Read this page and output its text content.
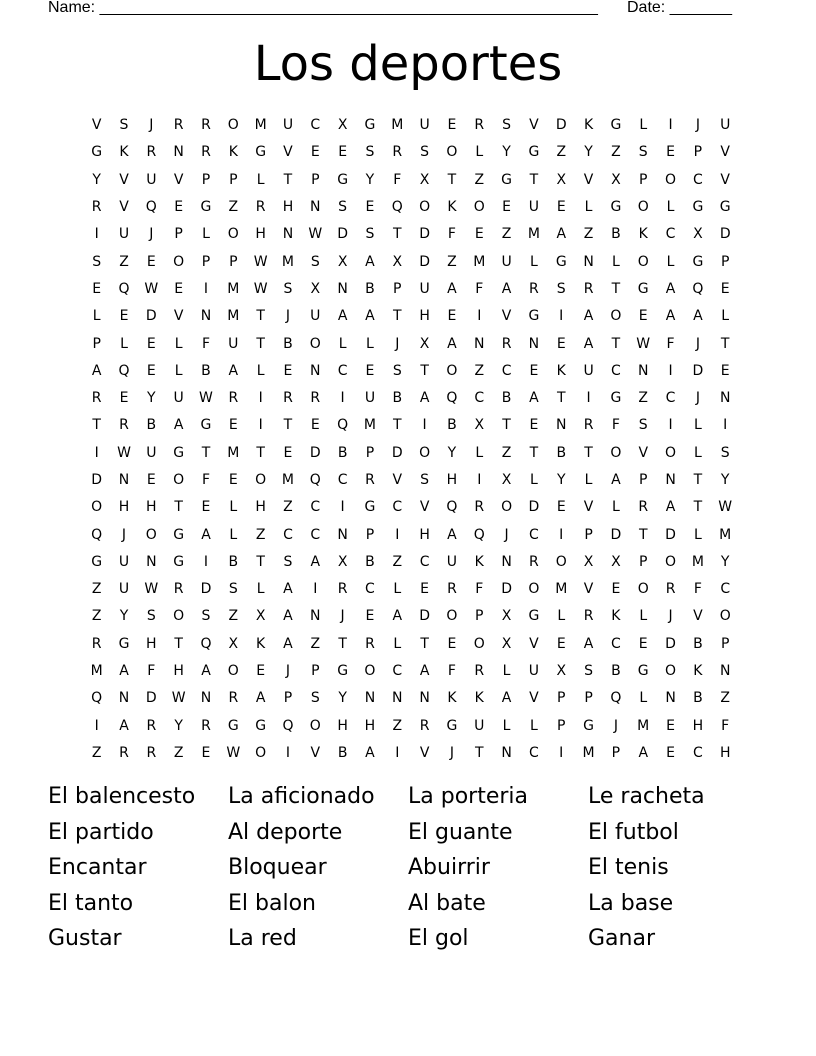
Name: ________________________________________________________ Date: _______
Los deportes
V	S	J	R	R	O	M	U	C	X	G	M	U	E	R	S	V	D	K	G	L	I	J	U
G	K	R	N	R	K	G	V	E	E	S	R	S	O	L	Y	G	Z	Y	Z	S	E	P	V
Y	V	U	V	P	P	L	T	P	G	Y	F	X	T	Z	G	T	X	V	X	P	O	C	V
R	V	Q	E	G	Z	R	H	N	S	E	Q	O	K	O	E	U	E	L	G	O	L	G	G
I	U	J	P	L	O	H	N	W	D	S	T	D	F	E	Z	M	A	Z	B	K	C	X	D
S	Z	E	O	P	P	W	M	S	X	A	X	D	Z	M	U	L	G	N	L	O	L	G	P
E	Q	W	E	I	M	W	S	X	N	B	P	U	A	F	A	R	S	R	T	G	A	Q	E
L	E	D	V	N	M	T	J	U	A	A	T	H	E	I	V	G	I	A	O	E	A	A	L
P	L	E	L	F	U	T	B	O	L	L	J	X	A	N	R	N	E	A	T	W	F	J	T
A	Q	E	L	B	A	L	E	N	C	E	S	T	O	Z	C	E	K	U	C	N	I	D	E
R	E	Y	U	W	R	I	R	R	I	U	B	A	Q	C	B	A	T	I	G	Z	C	J	N
T	R	B	A	G	E	I	T	E	Q	M	T	I	B	X	T	E	N	R	F	S	I	L	I
I	W	U	G	T	M	T	E	D	B	P	D	O	Y	L	Z	T	B	T	O	V	O	L	S
D	N	E	O	F	E	O	M	Q	C	R	V	S	H	I	X	L	Y	L	A	P	N	T	Y
O	H	H	T	E	L	H	Z	C	I	G	C	V	Q	R	O	D	E	V	L	R	A	T	W
Q	J	O	G	A	L	Z	C	C	N	P	I	H	A	Q	J	C	I	P	D	T	D	L	M
G	U	N	G	I	B	T	S	A	X	B	Z	C	U	K	N	R	O	X	X	P	O	M	Y
Z	U	W	R	D	S	L	A	I	R	C	L	E	R	F	D	O	M	V	E	O	R	F	C
Z	Y	S	O	S	Z	X	A	N	J	E	A	D	O	P	X	G	L	R	K	L	J	V	O
R	G	H	T	Q	X	K	A	Z	T	R	L	T	E	O	X	V	E	A	C	E	D	B	P
M	A	F	H	A	O	E	J	P	G	O	C	A	F	R	L	U	X	S	B	G	O	K	N
Q	N	D	W	N	R	A	P	S	Y	N	N	N	K	K	A	V	P	P	Q	L	N	B	Z
I	A	R	Y	R	G	G	Q	O	H	H	Z	R	G	U	L	L	P	G	J	M	E	H	F
Z	R	R	Z	E	W	O	I	V	B	A	I	V	J	T	N	C	I	M	P	A	E	C	H
El balencesto	La aficionado	La porteria	Le racheta
El partido	Al deporte	El guante	El futbol
Encantar	Bloquear	Abuirrir	El tenis
El tanto	El balon	Al bate	La base
Gustar	La red	El gol	Ganar
